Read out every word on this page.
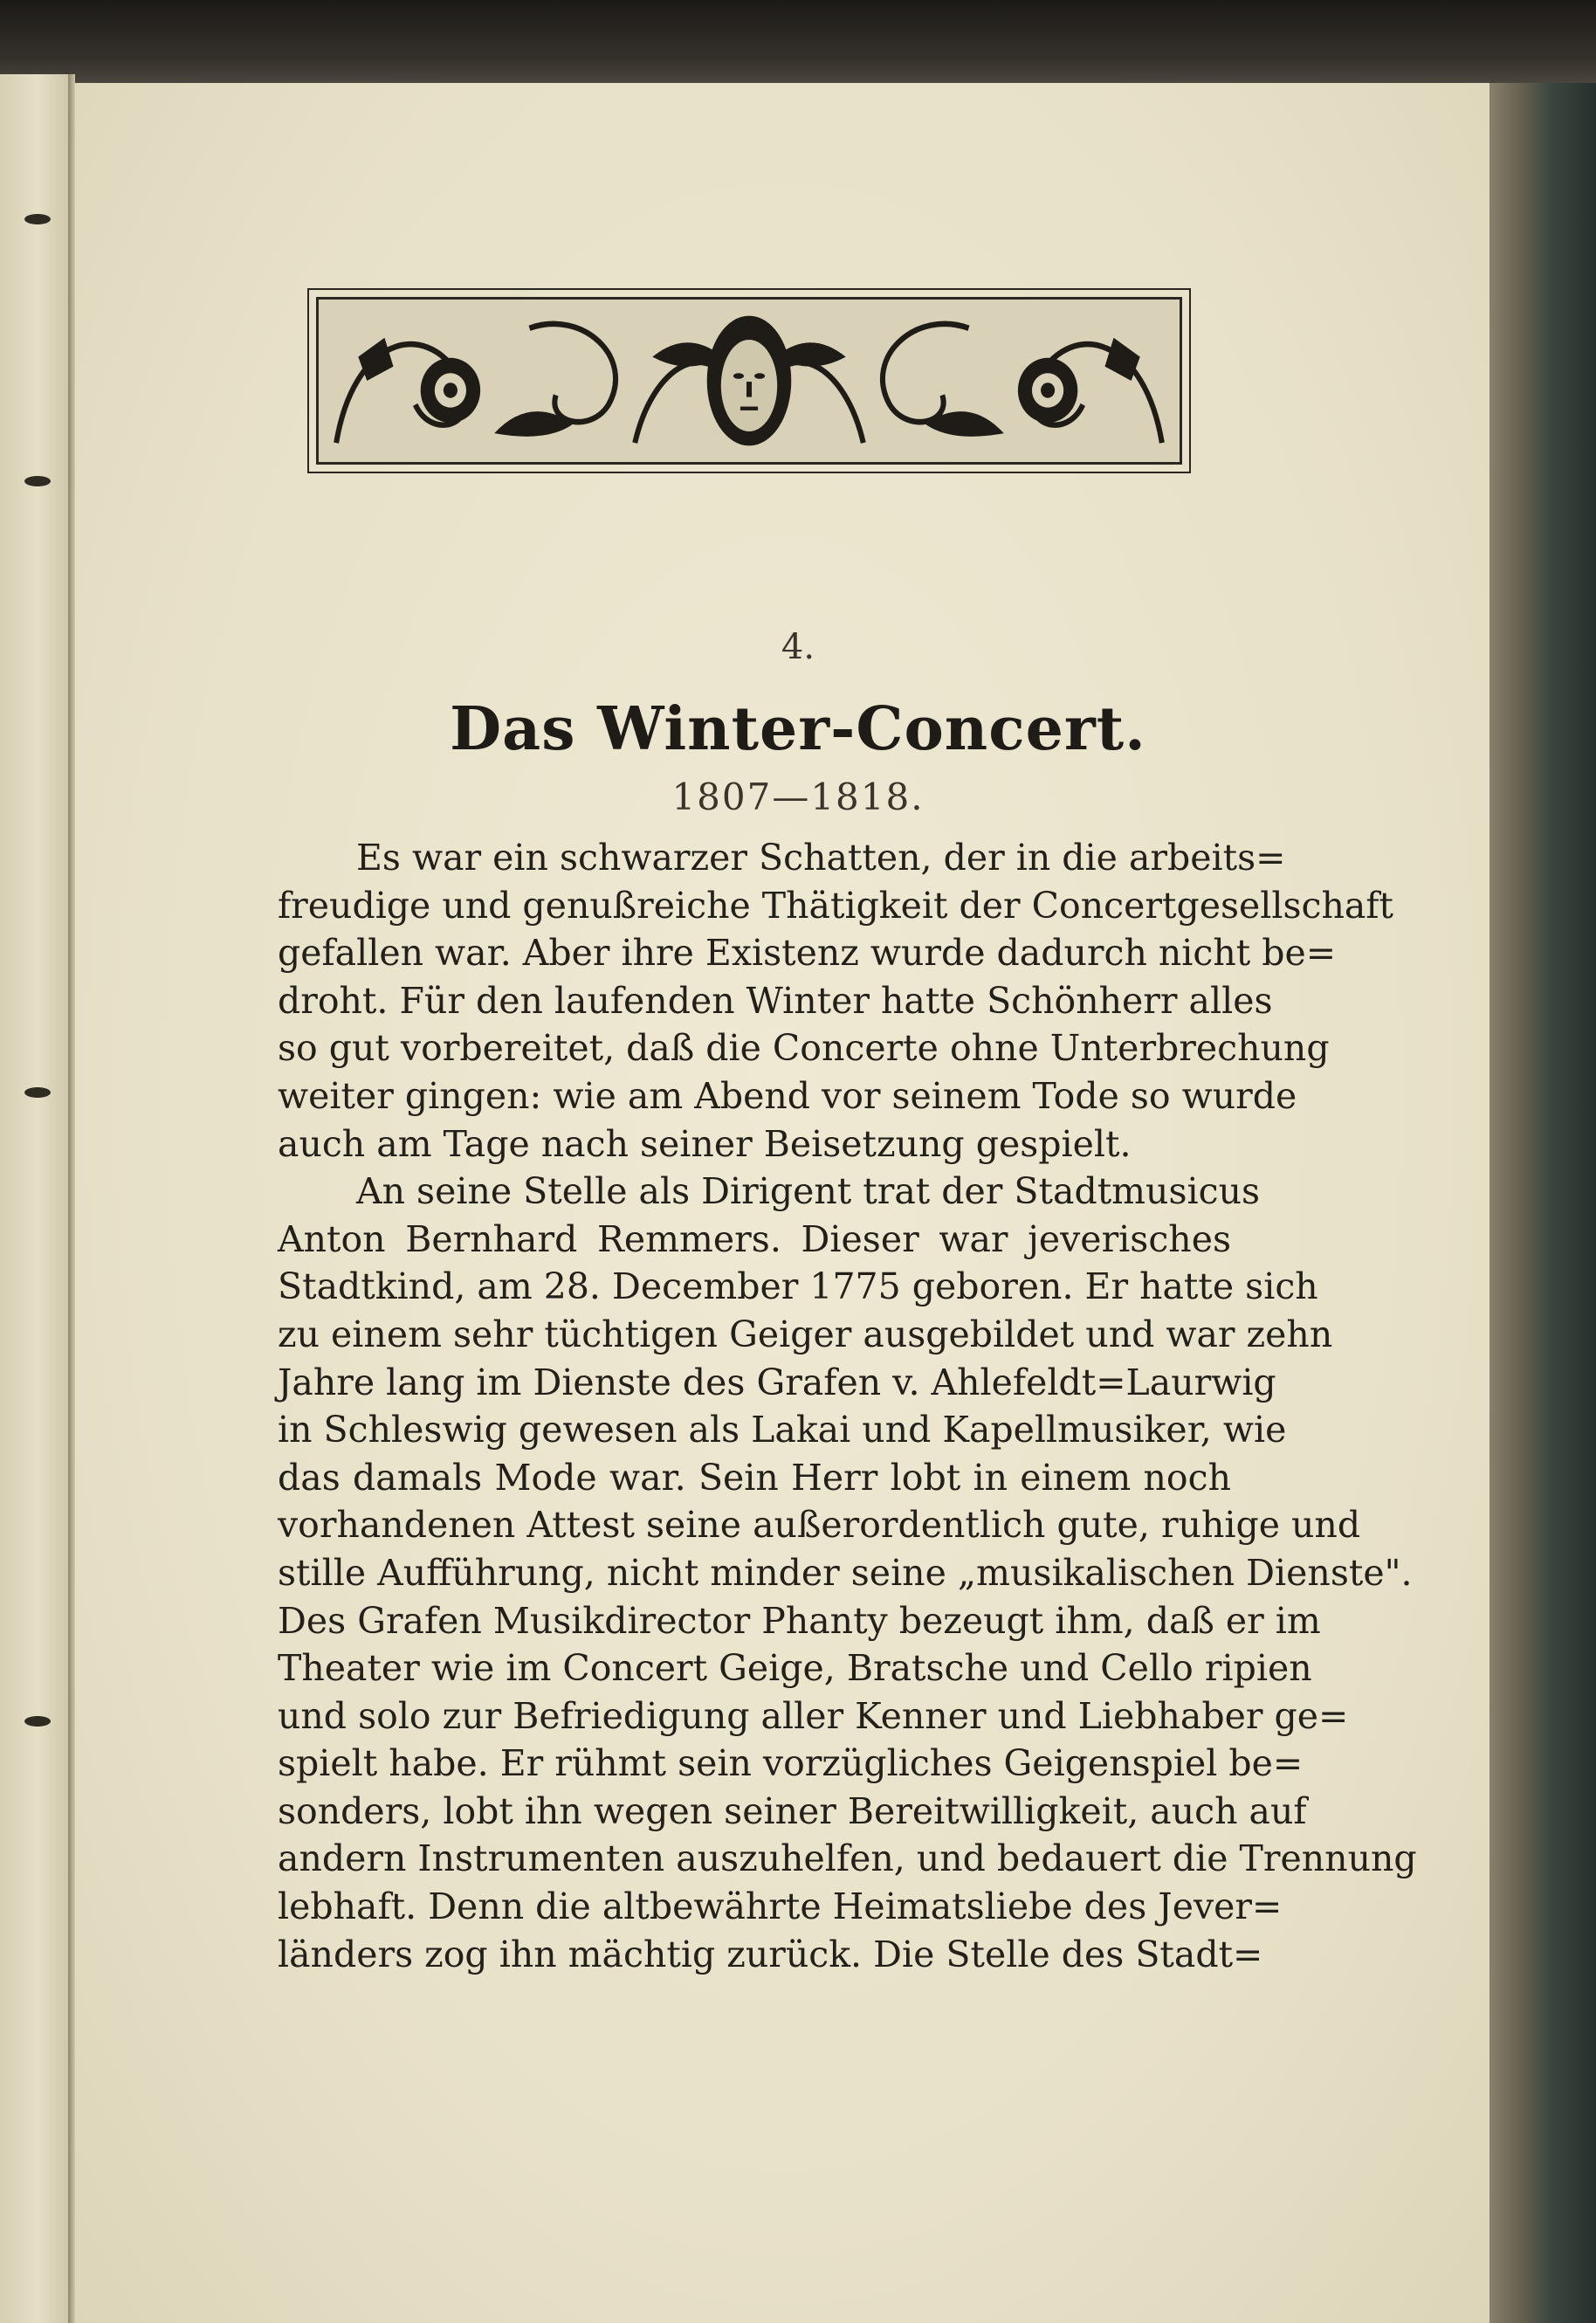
4.
Das Winter-Concert.
1807—1818.
Es war ein schwarzer Schatten, der in die arbeits=
freudige und genußreiche Thätigkeit der Concertgesellschaft
gefallen war. Aber ihre Existenz wurde dadurch nicht be=
droht. Für den laufenden Winter hatte Schönherr alles
so gut vorbereitet, daß die Concerte ohne Unterbrechung
weiter gingen: wie am Abend vor seinem Tode so wurde
auch am Tage nach seiner Beisetzung gespielt.
An seine Stelle als Dirigent trat der Stadtmusicus
Anton Bernhard Remmers. Dieser war jeverisches
Stadtkind, am 28. December 1775 geboren. Er hatte sich
zu einem sehr tüchtigen Geiger ausgebildet und war zehn
Jahre lang im Dienste des Grafen v. Ahlefeldt=Laurwig
in Schleswig gewesen als Lakai und Kapellmusiker, wie
das damals Mode war. Sein Herr lobt in einem noch
vorhandenen Attest seine außerordentlich gute, ruhige und
stille Aufführung, nicht minder seine „musikalischen Dienste".
Des Grafen Musikdirector Phanty bezeugt ihm, daß er im
Theater wie im Concert Geige, Bratsche und Cello ripien
und solo zur Befriedigung aller Kenner und Liebhaber ge=
spielt habe. Er rühmt sein vorzügliches Geigenspiel be=
sonders, lobt ihn wegen seiner Bereitwilligkeit, auch auf
andern Instrumenten auszuhelfen, und bedauert die Trennung
lebhaft. Denn die altbewährte Heimatsliebe des Jever=
länders zog ihn mächtig zurück. Die Stelle des Stadt=
